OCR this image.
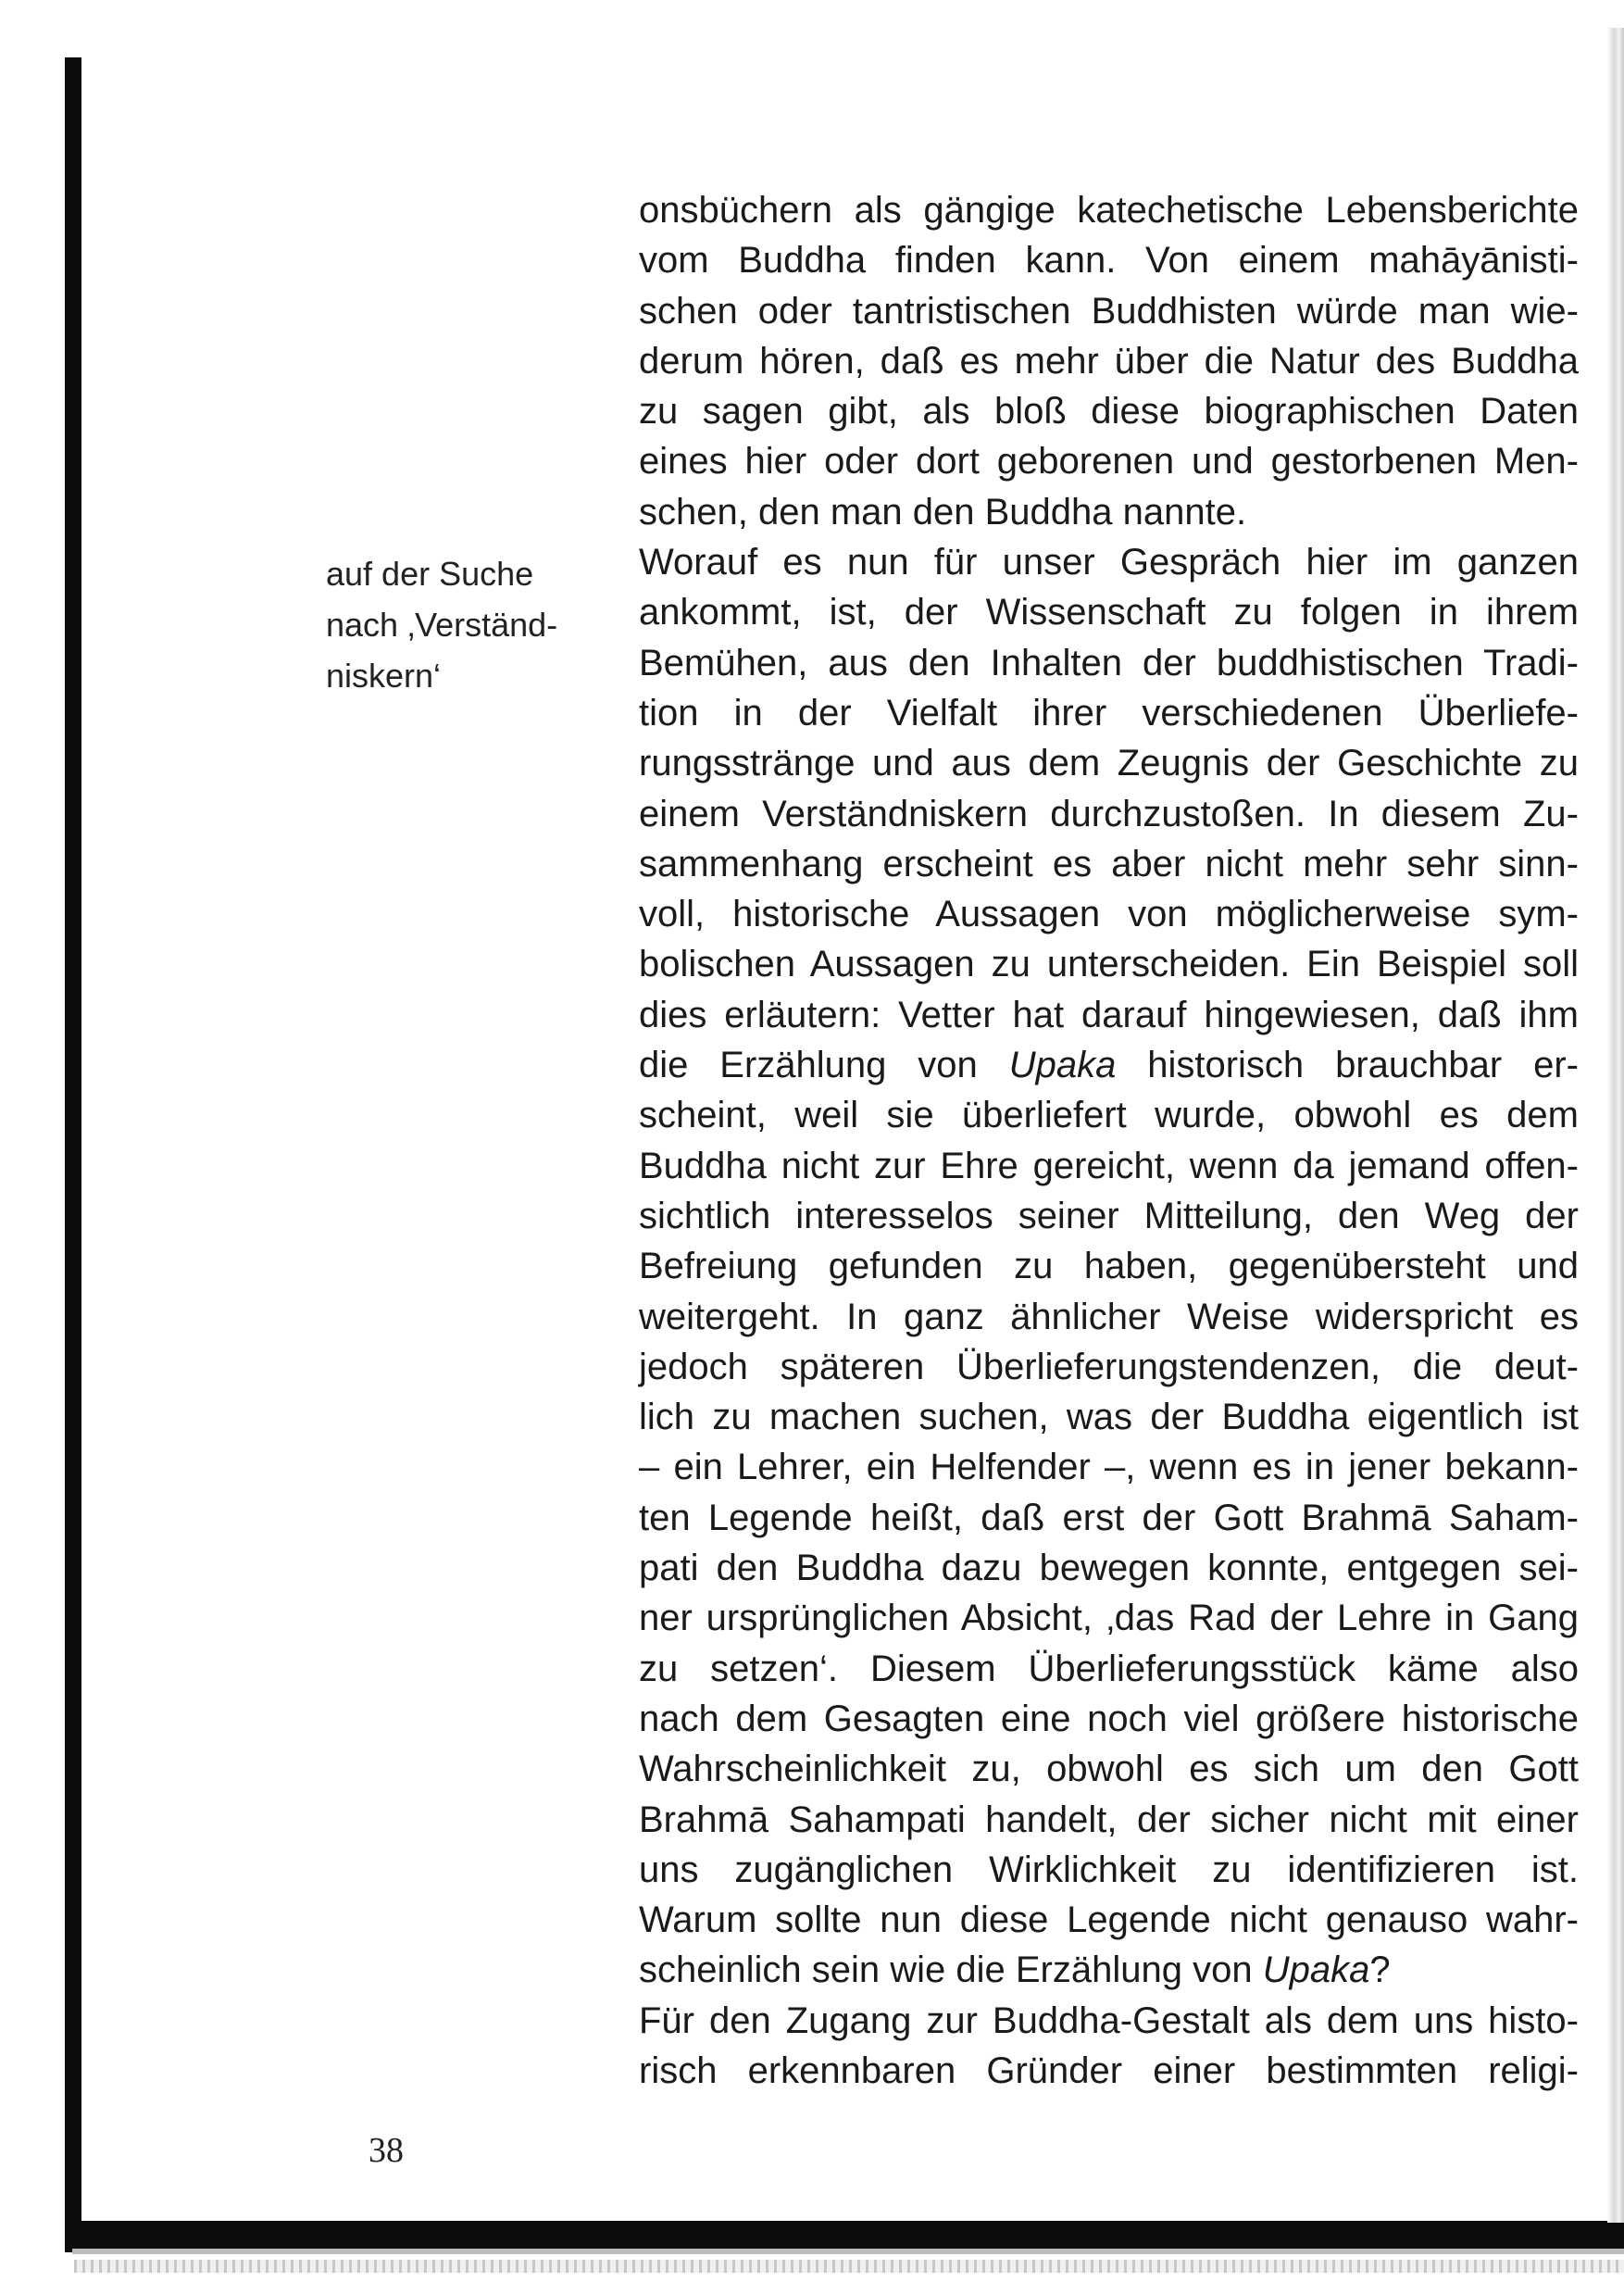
auf der Suche
nach ‚Verständ-
niskern‘
onsbüchern als gängige katechetische Lebensberichte
vom Buddha finden kann. Von einem mahāyānisti-
schen oder tantristischen Buddhisten würde man wie-
derum hören, daß es mehr über die Natur des Buddha
zu sagen gibt, als bloß diese biographischen Daten
eines hier oder dort geborenen und gestorbenen Men-
schen, den man den Buddha nannte.
Worauf es nun für unser Gespräch hier im ganzen
ankommt, ist, der Wissenschaft zu folgen in ihrem
Bemühen, aus den Inhalten der buddhistischen Tradi-
tion in der Vielfalt ihrer verschiedenen Überliefe-
rungsstränge und aus dem Zeugnis der Geschichte zu
einem Verständniskern durchzustoßen. In diesem Zu-
sammenhang erscheint es aber nicht mehr sehr sinn-
voll, historische Aussagen von möglicherweise sym-
bolischen Aussagen zu unterscheiden. Ein Beispiel soll
dies erläutern: Vetter hat darauf hingewiesen, daß ihm
die Erzählung von Upaka historisch brauchbar er-
scheint, weil sie überliefert wurde, obwohl es dem
Buddha nicht zur Ehre gereicht, wenn da jemand offen-
sichtlich interesselos seiner Mitteilung, den Weg der
Befreiung gefunden zu haben, gegenübersteht und
weitergeht. In ganz ähnlicher Weise widerspricht es
jedoch späteren Überlieferungstendenzen, die deut-
lich zu machen suchen, was der Buddha eigentlich ist
– ein Lehrer, ein Helfender –, wenn es in jener bekann-
ten Legende heißt, daß erst der Gott Brahmā Saham-
pati den Buddha dazu bewegen konnte, entgegen sei-
ner ursprünglichen Absicht, ‚das Rad der Lehre in Gang
zu setzen‘. Diesem Überlieferungsstück käme also
nach dem Gesagten eine noch viel größere historische
Wahrscheinlichkeit zu, obwohl es sich um den Gott
Brahmā Sahampati handelt, der sicher nicht mit einer
uns zugänglichen Wirklichkeit zu identifizieren ist.
Warum sollte nun diese Legende nicht genauso wahr-
scheinlich sein wie die Erzählung von Upaka?
Für den Zugang zur Buddha-Gestalt als dem uns histo-
risch erkennbaren Gründer einer bestimmten religi-
38
